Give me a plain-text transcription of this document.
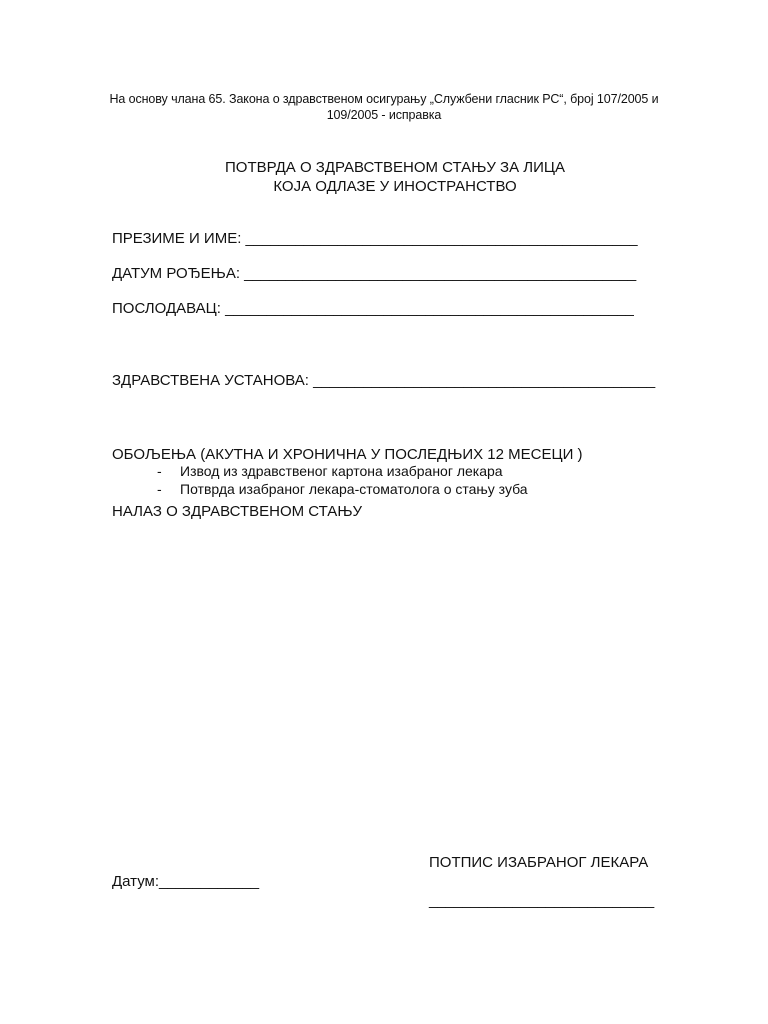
На основу члана 65. Закона о здравственом осигурању „Службени гласник РС“, број 107/2005 и
109/2005 - исправка
ПОТВРДА О ЗДРАВСТВЕНОМ СТАЊУ ЗА ЛИЦА
КОЈА ОДЛАЗЕ У ИНОСТРАНСТВО
ПРЕЗИМЕ И ИМЕ: _______________________________________________
ДАТУМ РОЂЕЊА: _______________________________________________
ПОСЛОДАВАЦ: _________________________________________________
ЗДРАВСТВЕНА УСТАНОВА: _________________________________________

ОБОЉЕЊА (АКУТНА И ХРОНИЧНА У ПОСЛЕДЊИХ 12 МЕСЕЦИ )

НАЛАЗ О ЗДРАВСТВЕНОМ СТАЊУ

-	Извод из здравственог картона изабраног лекара
-	Потврда изабраног лекара-стоматолога о стању зуба
ПОТПИС ИЗАБРАНОГ ЛЕКАРА
Датум:____________
___________________________
